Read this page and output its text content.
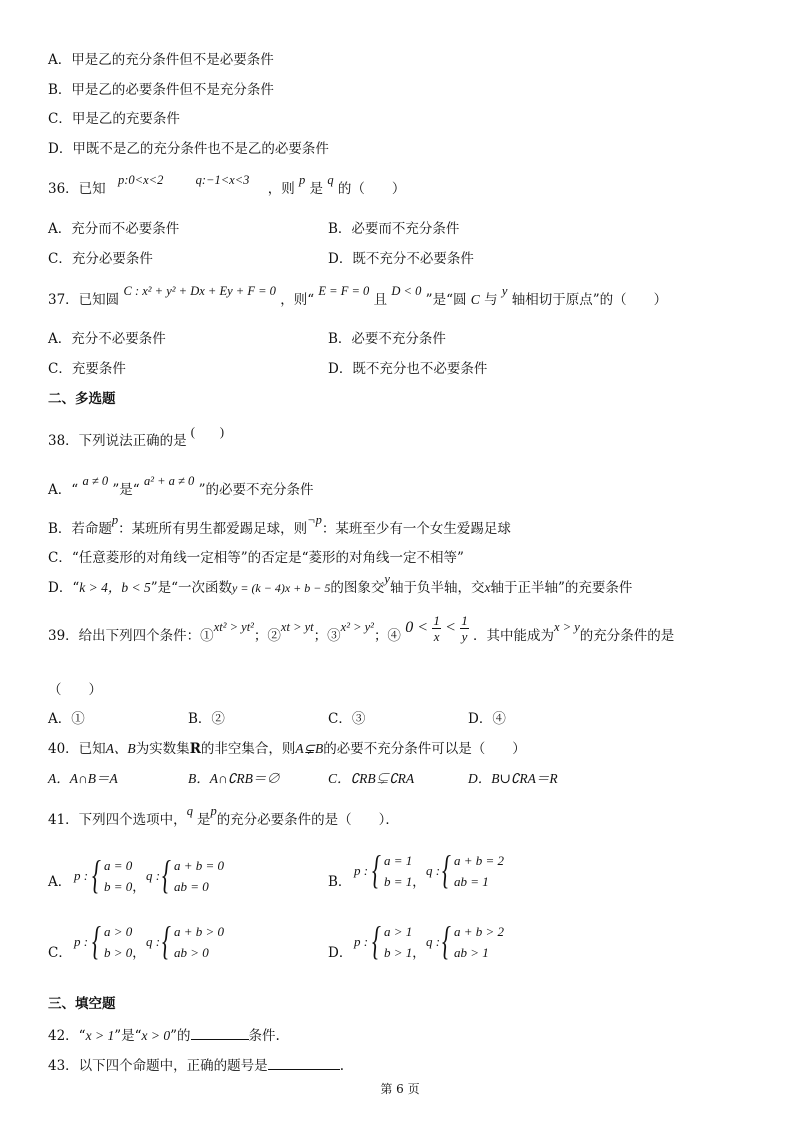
A．甲是乙的充分条件但不是必要条件
B．甲是乙的必要条件但不是充分条件
C．甲是乙的充要条件
D．甲既不是乙的充分条件也不是乙的必要条件
36．已知 p:0<x<2	q:−1<x<3 ，则 p 是 q 的（　　）
A．充分而不必要条件	B．必要而不充分条件
C．充分必要条件	D．既不充分不必要条件
37．已知圆 C : x² + y² + Dx + Ey + F = 0 ，则“ E = F = 0 且 D < 0 ”是“圆 C 与 y 轴相切于原点”的（　　）
A．充分不必要条件	B．必要不充分条件
C．充要条件	D．既不充分也不必要条件
二、多选题
38．下列说法正确的是(　　)
A．“ a ≠ 0 ”是“ a² + a ≠ 0 ”的必要不充分条件
B．若命题p：某班所有男生都爱踢足球，则¬p：某班至少有一个女生爱踢足球
C．“任意菱形的对角线一定相等”的否定是“菱形的对角线一定不相等”
D．“k > 4，b < 5”是“一次函数y = (k − 4)x + b − 5的图象交y轴于负半轴，交x轴于正半轴”的充要条件
39．给出下列四个条件：①xt² > yt²；②xt > yt；③x² > y²；④ $0 < \frac{1}{x} < \frac{1}{y}$ ．其中能成为x > y的充分条件的是
（　　）
A．①	B．②	C．③	D．④
40．已知A、B为实数集R的非空集合，则A⊊B的必要不充分条件可以是（　　）
A．A∩B＝A	B．A∩∁RB＝∅	C．∁RB⊊∁RA	D．B∪∁RA＝R
41．下列四个选项中，q是p的充分必要条件的是（　　）．
A． p : { a = 0
b = 0，
q : { a + b = 0
ab = 0	B．
p : { a = 1
b = 1，
q : { a + b = 2
ab = 1
C．
p : { a > 0
b > 0，
q : { a + b > 0
ab > 0	D．
p : { a > 1
b > 1，
q : { a + b > 2
ab > 1
三、填空题
42．“x > 1”是“x > 0”的	条件.
43．以下四个命题中，正确的题号是	.
第 6 页
